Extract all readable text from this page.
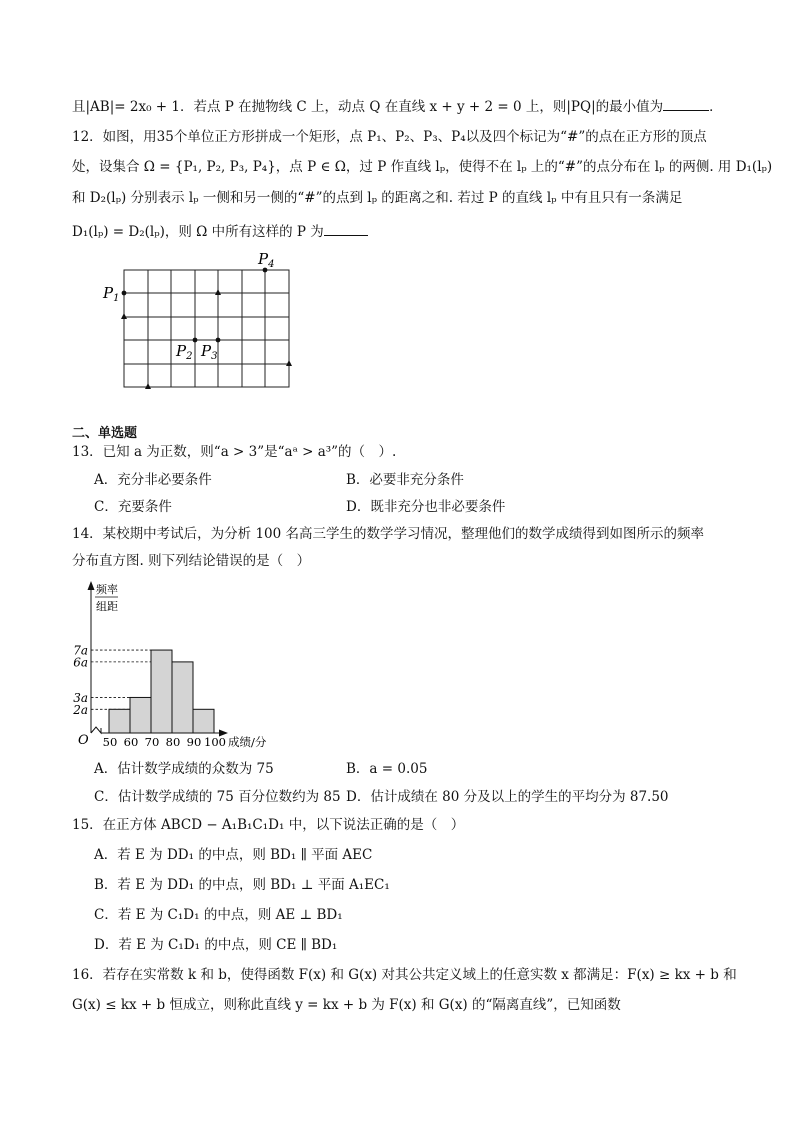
且|AB|= 2x₀ + 1．若点 P 在抛物线 C 上，动点 Q 在直线 x + y + 2 = 0 上，则|PQ|的最小值为	．
12．如图，用35个单位正方形拼成一个矩形，点 P₁、P₂、P₃、P₄以及四个标记为“#”的点在正方形的顶点
处，设集合 Ω = {P₁, P₂, P₃, P₄}，点 P ∈ Ω，过 P 作直线 lₚ，使得不在 lₚ 上的“#”的点分布在 lₚ 的两侧. 用 D₁(lₚ)
和 D₂(lₚ) 分别表示 lₚ 一侧和另一侧的“#”的点到 lₚ 的距离之和. 若过 P 的直线 lₚ 中有且只有一条满足
D₁(lₚ) = D₂(lₚ)，则 Ω 中所有这样的 P 为
$P_1$
$P_4$
$P_2$ $P_3$
二、单选题
13．已知 a 为正数，则“a > 3”是“aᵃ > a³”的（　）.
A．充分非必要条件	B．必要非充分条件
C．充要条件	D．既非充分也非必要条件
14．某校期中考试后，为分析 100 名高三学生的数学学习情况，整理他们的数学成绩得到如图所示的频率
分布直方图. 则下列结论错误的是（　）
频率
组距
O	成绩/分
2a
3a
6a
7a
50 60 70 80 90 100
A．估计数学成绩的众数为 75	B．a = 0.05
C．估计数学成绩的 75 百分位数约为 85 D．估计成绩在 80 分及以上的学生的平均分为 87.50
15．在正方体 ABCD − A₁B₁C₁D₁ 中，以下说法正确的是（　）
A．若 E 为 DD₁ 的中点，则 BD₁ ∥ 平面 AEC
B．若 E 为 DD₁ 的中点，则 BD₁ ⊥ 平面 A₁EC₁
C．若 E 为 C₁D₁ 的中点，则 AE ⊥ BD₁
D．若 E 为 C₁D₁ 的中点，则 CE ∥ BD₁
16．若存在实常数 k 和 b，使得函数 F(x) 和 G(x) 对其公共定义域上的任意实数 x 都满足：F(x) ≥ kx + b 和
G(x) ≤ kx + b 恒成立，则称此直线 y = kx + b 为 F(x) 和 G(x) 的“隔离直线”，已知函数
